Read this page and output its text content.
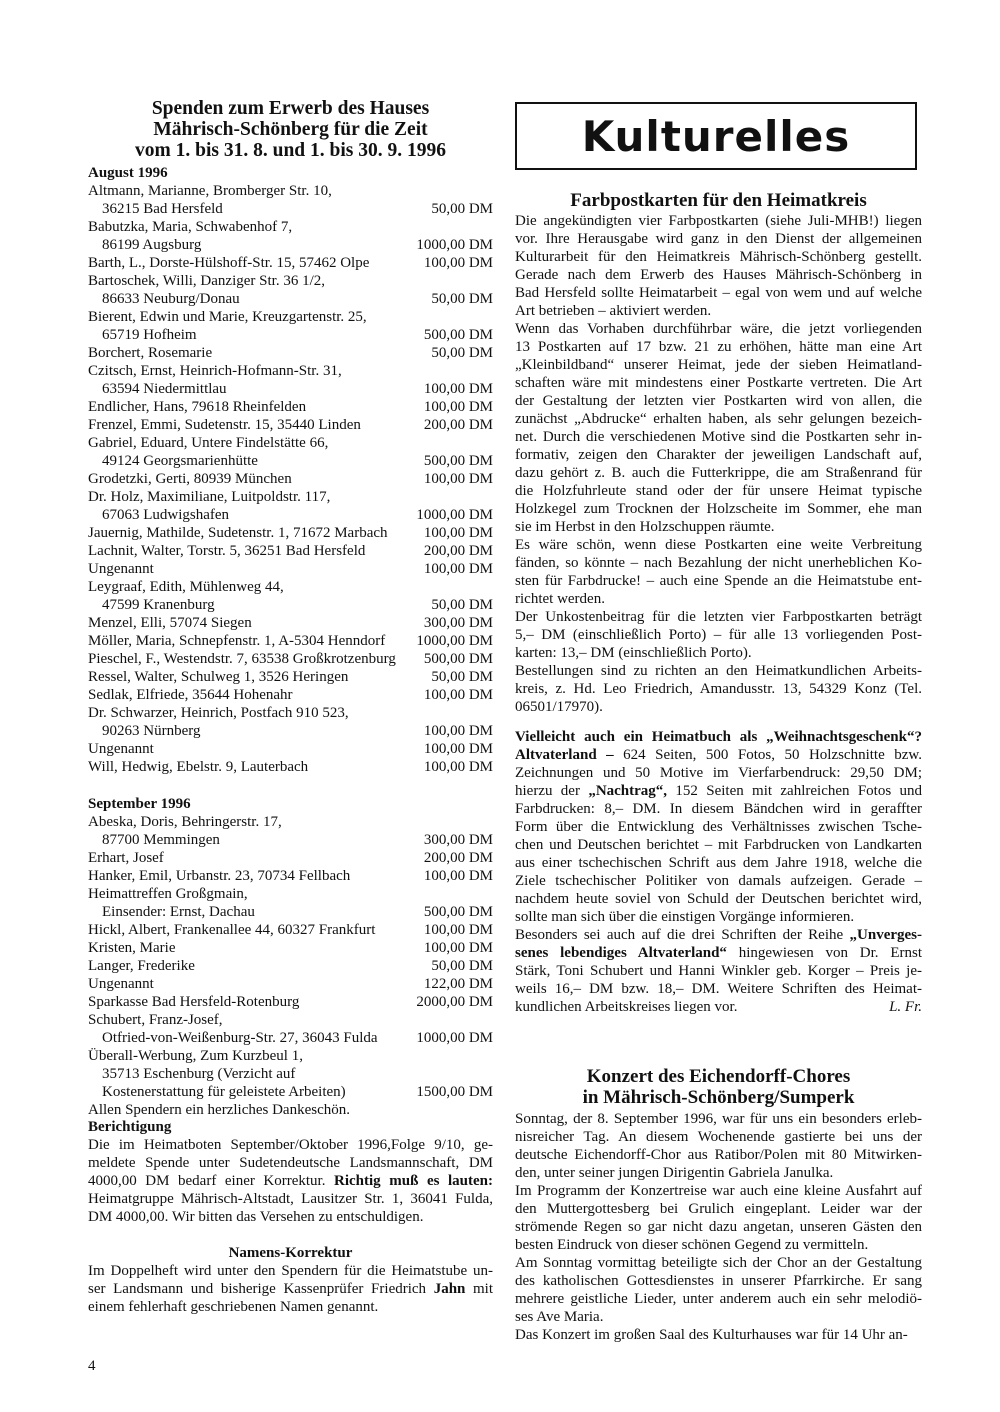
Spenden zum Erwerb des Hauses
Mährisch-Schönberg für die Zeit
vom 1. bis 31. 8. und 1. bis 30. 9. 1996
August 1996
Altmann, Marianne, Bromberger Str. 10,
36215 Bad Hersfeld	50,00 DM
Babutzka, Maria, Schwabenhof 7,
86199 Augsburg	1000,00 DM
Barth, L., Dorste-Hülshoff-Str. 15, 57462 Olpe	100,00 DM
Bartoschek, Willi, Danziger Str. 36 1/2,
86633 Neuburg/Donau	50,00 DM
Bierent, Edwin und Marie, Kreuzgartenstr. 25,
65719 Hofheim	500,00 DM
Borchert, Rosemarie	50,00 DM
Czitsch, Ernst, Heinrich-Hofmann-Str. 31,
63594 Niedermittlau	100,00 DM
Endlicher, Hans, 79618 Rheinfelden	100,00 DM
Frenzel, Emmi, Sudetenstr. 15, 35440 Linden	200,00 DM
Gabriel, Eduard, Untere Findelstätte 66,
49124 Georgsmarienhütte	500,00 DM
Grodetzki, Gerti, 80939 München	100,00 DM
Dr. Holz, Maximiliane, Luitpoldstr. 117,
67063 Ludwigshafen	1000,00 DM
Jauernig, Mathilde, Sudetenstr. 1, 71672 Marbach 100,00 DM
Lachnit, Walter, Torstr. 5, 36251 Bad Hersfeld	200,00 DM
Ungenannt	100,00 DM
Leygraaf, Edith, Mühlenweg 44,
47599 Kranenburg	50,00 DM
Menzel, Elli, 57074 Siegen	300,00 DM
Möller, Maria, Schnepfenstr. 1, A-5304 Henndorf 1000,00 DM
Pieschel, F., Westendstr. 7, 63538 Großkrotzenburg 500,00 DM
Ressel, Walter, Schulweg 1, 3526 Heringen	50,00 DM
Sedlak, Elfriede, 35644 Hohenahr	100,00 DM
Dr. Schwarzer, Heinrich, Postfach 910 523,
90263 Nürnberg	100,00 DM
Ungenannt	100,00 DM
Will, Hedwig, Ebelstr. 9, Lauterbach	100,00 DM
September 1996
Abeska, Doris, Behringerstr. 17,
87700 Memmingen	300,00 DM
Erhart, Josef	200,00 DM
Hanker, Emil, Urbanstr. 23, 70734 Fellbach	100,00 DM
Heimattreffen Großgmain,
Einsender: Ernst, Dachau	500,00 DM
Hickl, Albert, Frankenallee 44, 60327 Frankfurt	100,00 DM
Kristen, Marie	100,00 DM
Langer, Frederike	50,00 DM
Ungenannt	122,00 DM
Sparkasse Bad Hersfeld-Rotenburg	2000,00 DM
Schubert, Franz-Josef,
Otfried-von-Weißenburg-Str. 27, 36043 Fulda	1000,00 DM
Überall-Werbung, Zum Kurzbeul 1,
35713 Eschenburg (Verzicht auf
Kostenerstattung für geleistete Arbeiten)	1500,00 DM
Allen Spendern ein herzliches Dankeschön.
Berichtigung
Die im Heimatboten September/Oktober 1996,Folge 9/10, ge-
meldete Spende unter Sudetendeutsche Landsmannschaft, DM
4000,00 DM bedarf einer Korrektur. Richtig muß es lauten:
Heimatgruppe Mährisch-Altstadt, Lausitzer Str. 1, 36041 Fulda,
DM 4000,00. Wir bitten das Versehen zu entschuldigen.
Namens-Korrektur
Im Doppelheft wird unter den Spendern für die Heimatstube un-
ser Landsmann und bisherige Kassenprüfer Friedrich Jahn mit
einem fehlerhaft geschriebenen Namen genannt.
4
Kulturelles
Farbpostkarten für den Heimatkreis
Die angekündigten vier Farbpostkarten (siehe Juli-MHB!) liegen
vor. Ihre Herausgabe wird ganz in den Dienst der allgemeinen
Kulturarbeit für den Heimatkreis Mährisch-Schönberg gestellt.
Gerade nach dem Erwerb des Hauses Mährisch-Schönberg in
Bad Hersfeld sollte Heimatarbeit – egal von wem und auf welche
Art betrieben – aktiviert werden.
Wenn das Vorhaben durchführbar wäre, die jetzt vorliegenden
13 Postkarten auf 17 bzw. 21 zu erhöhen, hätte man eine Art
„Kleinbildband“ unserer Heimat, jede der sieben Heimatland-
schaften wäre mit mindestens einer Postkarte vertreten. Die Art
der Gestaltung der letzten vier Postkarten wird von allen, die
zunächst „Abdrucke“ erhalten haben, als sehr gelungen bezeich-
net. Durch die verschiedenen Motive sind die Postkarten sehr in-
formativ, zeigen den Charakter der jeweiligen Landschaft auf,
dazu gehört z. B. auch die Futterkrippe, die am Straßenrand für
die Holzfuhrleute stand oder der für unsere Heimat typische
Holzkegel zum Trocknen der Holzscheite im Sommer, ehe man
sie im Herbst in den Holzschuppen räumte.
Es wäre schön, wenn diese Postkarten eine weite Verbreitung
fänden, so könnte – nach Bezahlung der nicht unerheblichen Ko-
sten für Farbdrucke! – auch eine Spende an die Heimatstube ent-
richtet werden.
Der Unkostenbeitrag für die letzten vier Farbpostkarten beträgt
5,– DM (einschließlich Porto) – für alle 13 vorliegenden Post-
karten: 13,– DM (einschließlich Porto).
Bestellungen sind zu richten an den Heimatkundlichen Arbeits-
kreis, z. Hd. Leo Friedrich, Amandusstr. 13, 54329 Konz (Tel.
06501/17970).
Vielleicht auch ein Heimatbuch als „Weihnachtsgeschenk“?
Altvaterland – 624 Seiten, 500 Fotos, 50 Holzschnitte bzw.
Zeichnungen und 50 Motive im Vierfarbendruck: 29,50 DM;
hierzu der „Nachtrag“, 152 Seiten mit zahlreichen Fotos und
Farbdrucken: 8,– DM. In diesem Bändchen wird in geraffter
Form über die Entwicklung des Verhältnisses zwischen Tsche-
chen und Deutschen berichtet – mit Farbdrucken von Landkarten
aus einer tschechischen Schrift aus dem Jahre 1918, welche die
Ziele tschechischer Politiker von damals aufzeigen. Gerade –
nachdem heute soviel von Schuld der Deutschen berichtet wird,
sollte man sich über die einstigen Vorgänge informieren.
Besonders sei auch auf die drei Schriften der Reihe „Unverges-
senes lebendiges Altvaterland“ hingewiesen von Dr. Ernst
Stärk, Toni Schubert und Hanni Winkler geb. Korger – Preis je-
weils 16,– DM bzw. 18,– DM. Weitere Schriften des Heimat-
kundlichen Arbeitskreises liegen vor.	L. Fr.
Konzert des Eichendorff-Chores
in Mährisch-Schönberg/Sumperk
Sonntag, der 8. September 1996, war für uns ein besonders erleb-
nisreicher Tag. An diesem Wochenende gastierte bei uns der
deutsche Eichendorff-Chor aus Ratibor/Polen mit 80 Mitwirken-
den, unter seiner jungen Dirigentin Gabriela Janulka.
Im Programm der Konzertreise war auch eine kleine Ausfahrt auf
den Muttergottesberg bei Grulich eingeplant. Leider war der
strömende Regen so gar nicht dazu angetan, unseren Gästen den
besten Eindruck von dieser schönen Gegend zu vermitteln.
Am Sonntag vormittag beteiligte sich der Chor an der Gestaltung
des katholischen Gottesdienstes in unserer Pfarrkirche. Er sang
mehrere geistliche Lieder, unter anderem auch ein sehr melodiö-
ses Ave Maria.
Das Konzert im großen Saal des Kulturhauses war für 14 Uhr an-
